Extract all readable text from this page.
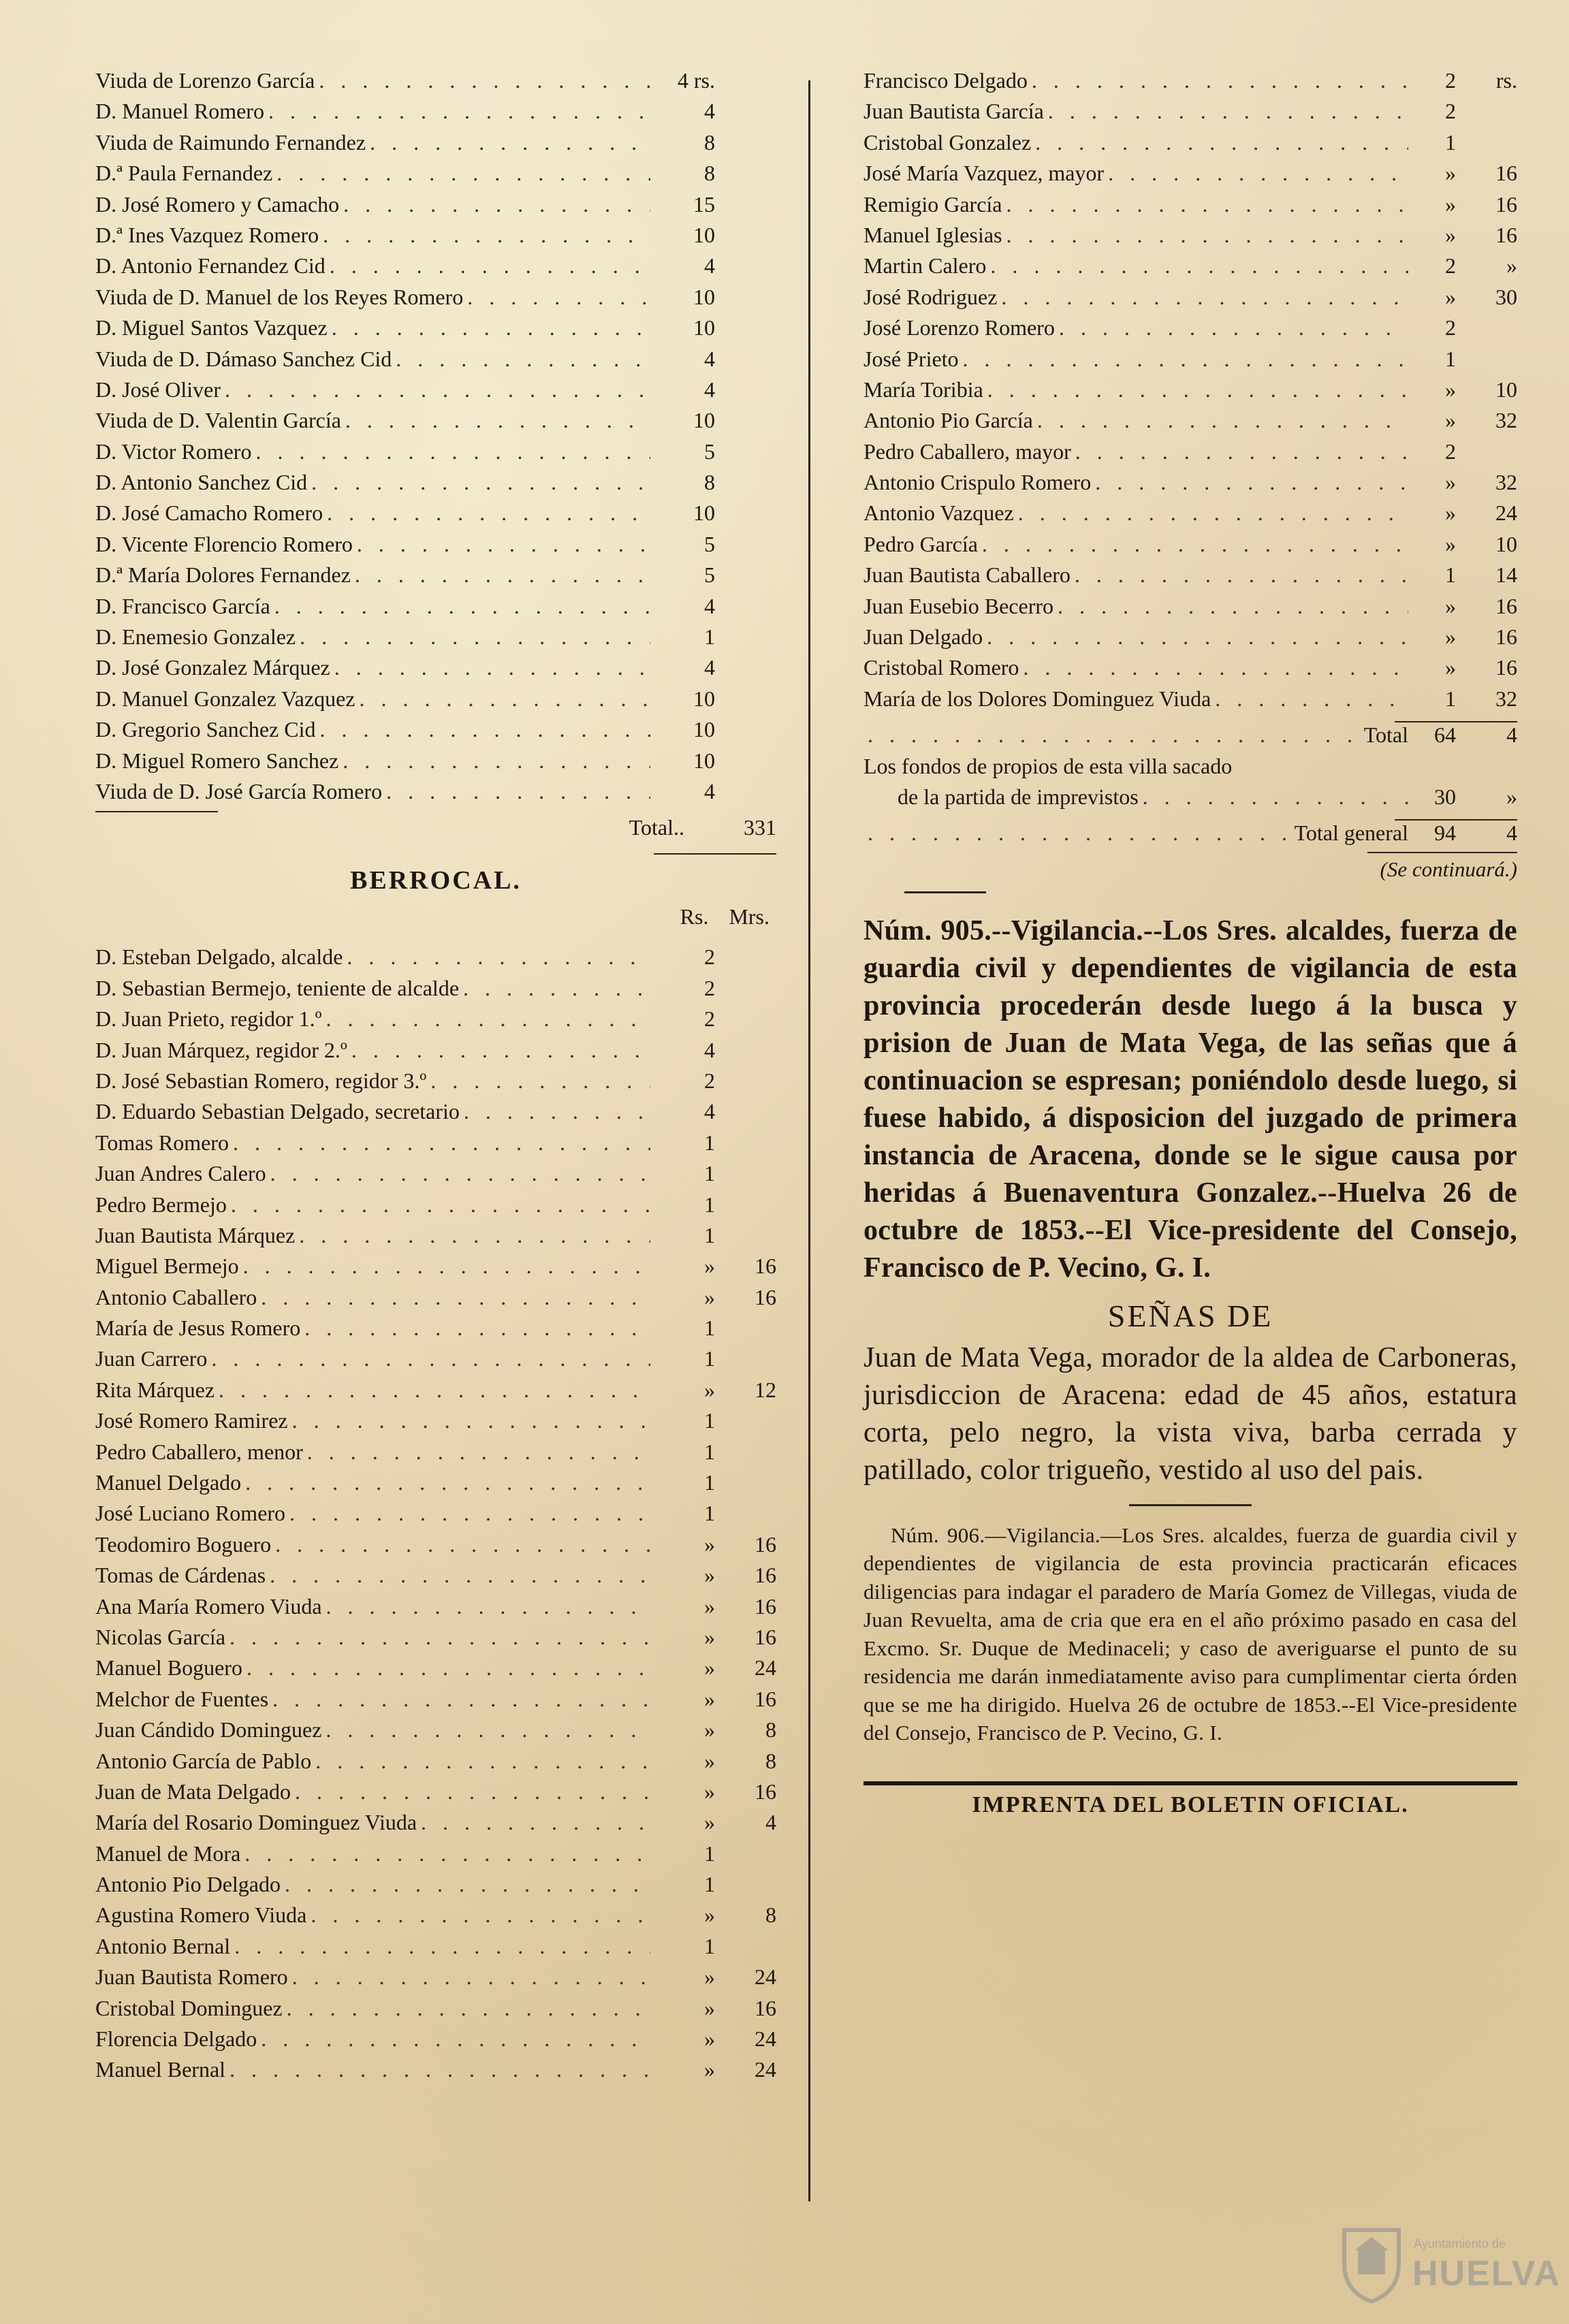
Viuda de Lorenzo García . . .	4 rs.
D. Manuel Romero . . .	4
Viuda de Raimundo Fernandez . . .	8
D.ª Paula Fernandez . . .	8
D. José Romero y Camacho . . .	15
D.ª Ines Vazquez Romero . . .	10
D. Antonio Fernandez Cid . . .	4
Viuda de D. Manuel de los Reyes Romero . . .	10
D. Miguel Santos Vazquez . . .	10
Viuda de D. Dámaso Sanchez Cid . . .	4
D. José Oliver . . .	4
Viuda de D. Valentin García . . .	10
D. Victor Romero . . .	5
D. Antonio Sanchez Cid . . .	8
D. José Camacho Romero . . .	10
D. Vicente Florencio Romero . . .	5
D.ª María Dolores Fernandez . . .	5
D. Francisco García . . .	4
D. Enemesio Gonzalez . . .	1
D. José Gonzalez Márquez . . .	4
D. Manuel Gonzalez Vazquez . . .	10
D. Gregorio Sanchez Cid . . .	10
D. Miguel Romero Sanchez . . .	10
Viuda de D. José García Romero . . .	4
Total..	331
BERROCAL.
Rs. Mrs.
D. Esteban Delgado, alcalde . . .	2
D. Sebastian Bermejo, teniente de alcalde . . .	2
D. Juan Prieto, regidor 1.º . . .	2
D. Juan Márquez, regidor 2.º . . .	4
D. José Sebastian Romero, regidor 3.º . . .	2
D. Eduardo Sebastian Delgado, secretario . . .	4
Tomas Romero . . .	1
Juan Andres Calero . . .	1
Pedro Bermejo . . .	1
Juan Bautista Márquez . . .	1
Miguel Bermejo . . .	»	16
Antonio Caballero . . .	»	16
María de Jesus Romero . . .	1
Juan Carrero . . .	1
Rita Márquez . . .	»	12
José Romero Ramirez . . .	1
Pedro Caballero, menor . . .	1
Manuel Delgado . . .	1
José Luciano Romero . . .	1
Teodomiro Boguero . . .	»	16
Tomas de Cárdenas . . .	»	16
Ana María Romero Viuda . . .	»	16
Nicolas García . . .	»	16
Manuel Boguero . . .	»	24
Melchor de Fuentes . . .	»	16
Juan Cándido Dominguez . . .	»	8
Antonio García de Pablo . . .	»	8
Juan de Mata Delgado . . .	»	16
María del Rosario Dominguez Viuda . . .	»	4
Manuel de Mora . . .	1
Antonio Pio Delgado . . .	1
Agustina Romero Viuda . . .	»	8
Antonio Bernal . . .	1
Juan Bautista Romero . . .	»	24
Cristobal Dominguez . . .	»	16
Florencia Delgado . . .	»	24
Manuel Bernal . . .	»	24
Francisco Delgado . . .	2	rs.
Juan Bautista García . . .	2
Cristobal Gonzalez . . .	1
José María Vazquez, mayor . . .	»	16
Remigio García . . .	»	16
Manuel Iglesias . . .	»	16
Martin Calero . . .	2	»
José Rodriguez . . .	»	30
José Lorenzo Romero . . .	2
José Prieto . . .	1
María Toribia . . .	»	10
Antonio Pio García . . .	»	32
Pedro Caballero, mayor . . .	2
Antonio Crispulo Romero . . .	»	32
Antonio Vazquez . . .	»	24
Pedro García . . .	»	10
Juan Bautista Caballero . . .	1	14
Juan Eusebio Becerro . . .	»	16
Juan Delgado . . .	»	16
Cristobal Romero . . .	»	16
María de los Dolores Dominguez Viuda . . .	1	32
. . .
Total	64	4
Los fondos de propios de esta villa sacado
de la partida de imprevistos . . .	30	»
. . .
Total general	94	4
(Se continuará.)

Núm. 905.--Vigilancia.--Los Sres. alcaldes, fuerza de guardia civil y dependientes de vigilancia de esta provincia procederán desde luego á la busca y prision de Juan de Mata Vega, de las señas que á continuacion se espresan; poniéndolo desde luego, si fuese habido, á disposicion del juzgado de primera instancia de Aracena, donde se le sigue causa por heridas á Buenaventura Gonzalez.--Huelva 26 de octubre de 1853.--El Vice-presidente del Consejo, Francisco de P. Vecino, G. I.

SEÑAS DE

Juan de Mata Vega, morador de la aldea de Carboneras, jurisdiccion de Aracena: edad de 45 años, estatura corta, pelo negro, la vista viva, barba cerrada y patillado, color trigueño, vestido al uso del pais.

Núm. 906.—Vigilancia.—Los Sres. alcaldes, fuerza de guardia civil y dependientes de vigilancia de esta provincia practicarán eficaces diligencias para indagar el paradero de María Gomez de Villegas, viuda de Juan Revuelta, ama de cria que era en el año próximo pasado en casa del Excmo. Sr. Duque de Medinaceli; y caso de averiguarse el punto de su residencia me darán inmediatamente aviso para cumplimentar cierta órden que se me ha dirigido. Huelva 26 de octubre de 1853.--El Vice-presidente del Consejo, Francisco de P. Vecino, G. I.

IMPRENTA DEL BOLETIN OFICIAL.
Ayuntamiento de
HUELVA
